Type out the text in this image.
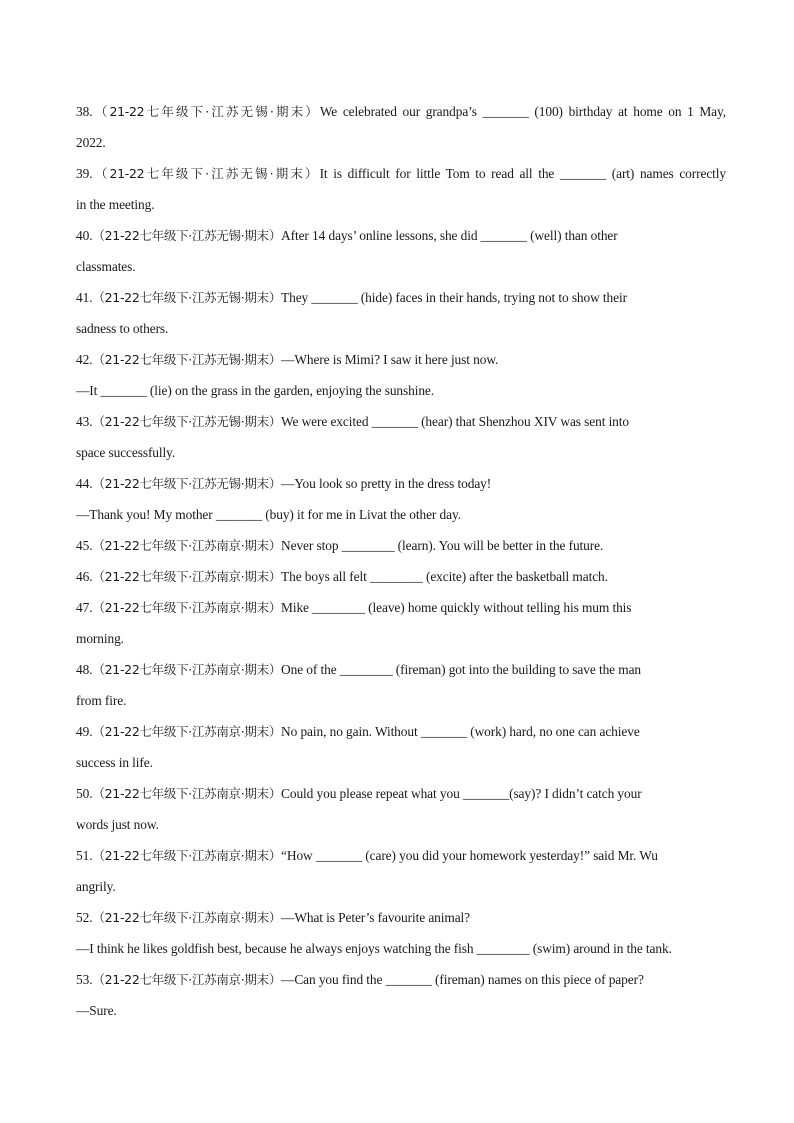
38.（21-22七年级下·江苏无锡·期末）We celebrated our grandpa’s _______ (100) birthday at home on 1 May,
2022.
39.（21-22七年级下·江苏无锡·期末）It is difficult for little Tom to read all the _______ (art) names correctly
in the meeting.
40.（21-22七年级下·江苏无锡·期末）After 14 days’ online lessons, she did _______ (well) than other
classmates.
41.（21-22七年级下·江苏无锡·期末）They _______ (hide) faces in their hands, trying not to show their
sadness to others.
42.（21-22七年级下·江苏无锡·期末）—Where is Mimi? I saw it here just now.
—It _______ (lie) on the grass in the garden, enjoying the sunshine.
43.（21-22七年级下·江苏无锡·期末）We were excited _______ (hear) that Shenzhou XIV was sent into
space successfully.
44.（21-22七年级下·江苏无锡·期末）—You look so pretty in the dress today!
—Thank you! My mother _______ (buy) it for me in Livat the other day.
45.（21-22七年级下·江苏南京·期末）Never stop ________ (learn). You will be better in the future.
46.（21-22七年级下·江苏南京·期末）The boys all felt ________ (excite) after the basketball match.
47.（21-22七年级下·江苏南京·期末）Mike ________ (leave) home quickly without telling his mum this
morning.
48.（21-22七年级下·江苏南京·期末）One of the ________ (fireman) got into the building to save the man
from fire.
49.（21-22七年级下·江苏南京·期末）No pain, no gain. Without _______ (work) hard, no one can achieve
success in life.
50.（21-22七年级下·江苏南京·期末）Could you please repeat what you _______(say)? I didn’t catch your
words just now.
51.（21-22七年级下·江苏南京·期末）“How _______ (care) you did your homework yesterday!” said Mr. Wu
angrily.
52.（21-22七年级下·江苏南京·期末）—What is Peter’s favourite animal?
—I think he likes goldfish best, because he always enjoys watching the fish ________ (swim) around in the tank.
53.（21-22七年级下·江苏南京·期末）—Can you find the _______ (fireman) names on this piece of paper?
—Sure.
